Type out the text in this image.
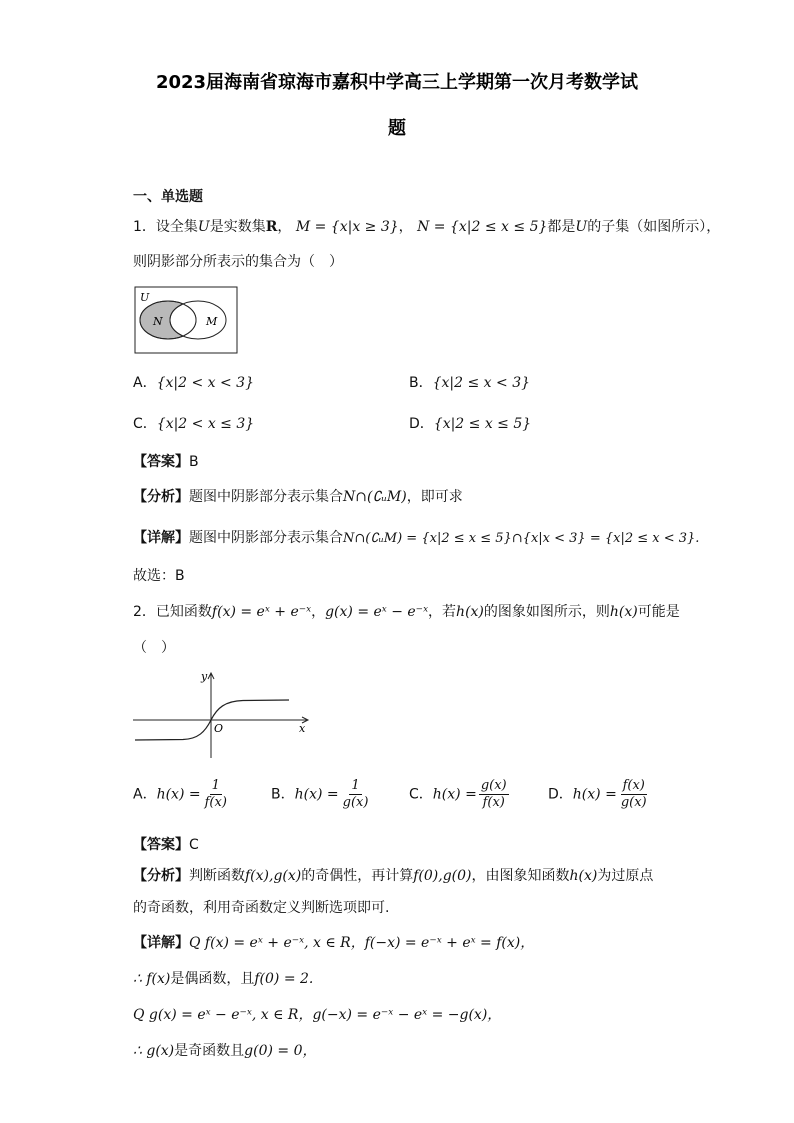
2023届海南省琼海市嘉积中学高三上学期第一次月考数学试
题
一、单选题
1．设全集U是实数集R， M = {x|x ≥ 3}， N = {x|2 ≤ x ≤ 5}都是U的子集（如图所示），
则阴影部分所表示的集合为（　）
U
N	M
A．{x|2 < x < 3}	B．{x|2 ≤ x < 3}
C．{x|2 < x ≤ 3}	D．{x|2 ≤ x ≤ 5}
【答案】B
【分析】题图中阴影部分表示集合N∩(∁ᵤM)，即可求
【详解】题图中阴影部分表示集合N∩(∁ᵤM) = {x|2 ≤ x ≤ 5}∩{x|x < 3} = {x|2 ≤ x < 3}.
故选：B
2．已知函数f(x) = eˣ + e⁻ˣ，g(x) = eˣ − e⁻ˣ，若h(x)的图象如图所示，则h(x)可能是
（　）
y
x
O
A．$h(x) = \frac{1}{f(x)}$	B．$h(x) = \frac{1}{g(x)}$	C．$h(x) = \frac{g(x)}{f(x)}$	D．$h(x) = \frac{f(x)}{g(x)}$
【答案】C
【分析】判断函数f(x),g(x)的奇偶性，再计算f(0),g(0)，由图象知函数h(x)为过原点
的奇函数，利用奇函数定义判断选项即可.
【详解】Q f(x) = eˣ + e⁻ˣ, x ∈ R，f(−x) = e⁻ˣ + eˣ = f(x)，
∴ f(x)是偶函数，且f(0) = 2.
Q g(x) = eˣ − e⁻ˣ, x ∈ R，g(−x) = e⁻ˣ − eˣ = −g(x)，
∴ g(x)是奇函数且g(0) = 0，
